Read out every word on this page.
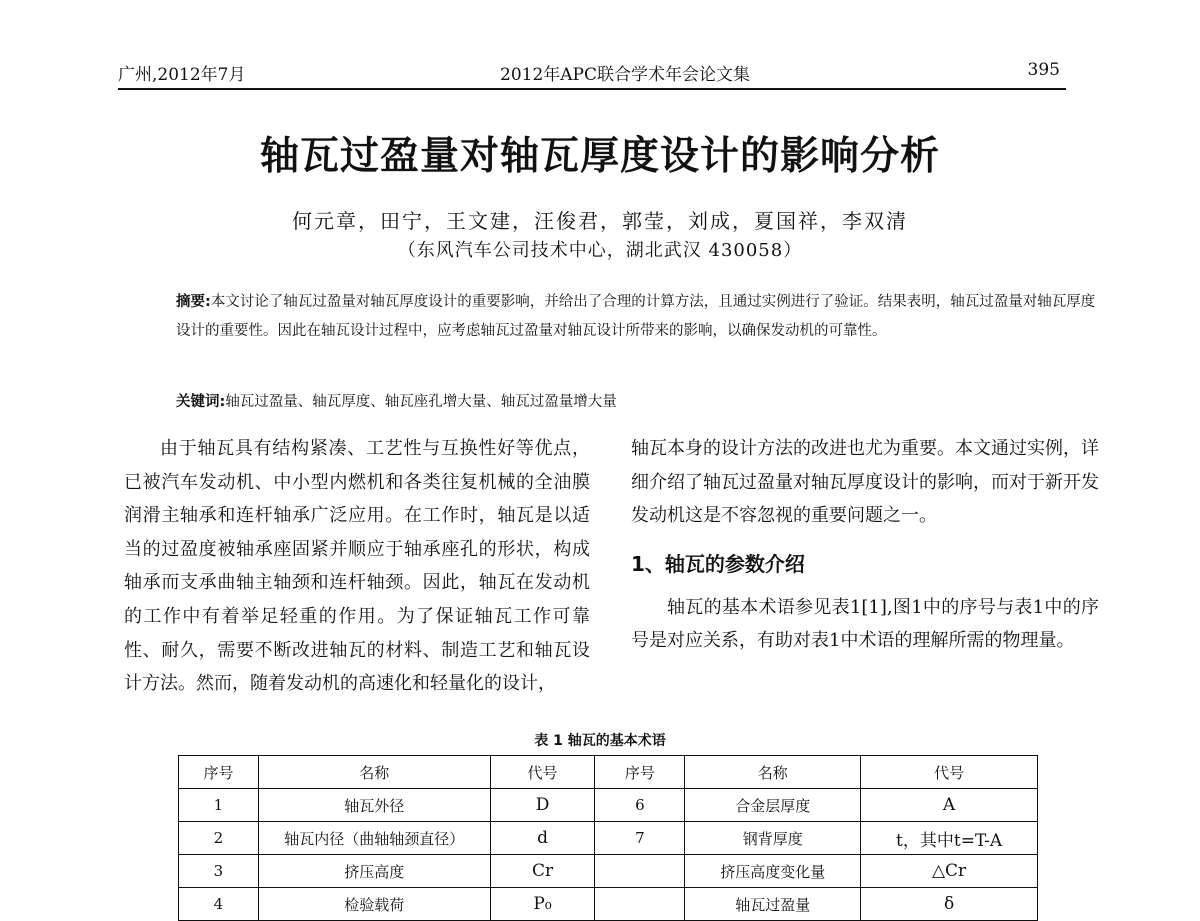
广州,2012年7月	2012年APC联合学术年会论文集	395
轴瓦过盈量对轴瓦厚度设计的影响分析
何元章，田宁，王文建，汪俊君，郭莹，刘成，夏国祥，李双清
（东风汽车公司技术中心，湖北武汉 430058）
摘要:本文讨论了轴瓦过盈量对轴瓦厚度设计的重要影响，并给出了合理的计算方法，且通过实例进行了验证。结果表明，轴瓦过盈量对轴瓦厚度设计的重要性。因此在轴瓦设计过程中，应考虑轴瓦过盈量对轴瓦设计所带来的影响，以确保发动机的可靠性。
关键词:轴瓦过盈量、轴瓦厚度、轴瓦座孔增大量、轴瓦过盈量增大量

由于轴瓦具有结构紧凑、工艺性与互换性好等优点，已被汽车发动机、中小型内燃机和各类往复机械的全油膜润滑主轴承和连杆轴承广泛应用。在工作时，轴瓦是以适当的过盈度被轴承座固紧并顺应于轴承座孔的形状，构成轴承而支承曲轴主轴颈和连杆轴颈。因此，轴瓦在发动机的工作中有着举足轻重的作用。为了保证轴瓦工作可靠性、耐久，需要不断改进轴瓦的材料、制造工艺和轴瓦设计方法。然而，随着发动机的高速化和轻量化的设计，

轴瓦本身的设计方法的改进也尤为重要。本文通过实例，详细介绍了轴瓦过盈量对轴瓦厚度设计的影响，而对于新开发发动机这是不容忽视的重要问题之一。

1、轴瓦的参数介绍

轴瓦的基本术语参见表1[1],图1中的序号与表1中的序号是对应关系，有助对表1中术语的理解所需的物理量。

表 1 轴瓦的基本术语
序号	名称	代号	序号	名称	代号
1	轴瓦外径	D	6	合金层厚度	A
2	轴瓦内径（曲轴轴颈直径）	d	7	钢背厚度	t，其中t=T-A
3	挤压高度	Cr		挤压高度变化量	△Cr
4	检验载荷	P₀		轴瓦过盈量	δ
